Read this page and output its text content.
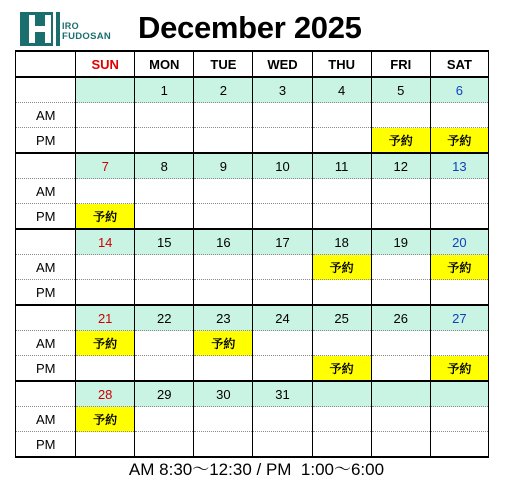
IRO
FUDOSAN December 2025
	SUN	MON	TUE	WED	THU	FRI	SAT
		1	2	3	4	5	6
AM							
PM						予約	予約
	7	8	9	10	11	12	13
AM							
PM	予約						
	14	15	16	17	18	19	20
AM					予約		予約
PM							
	21	22	23	24	25	26	27
AM	予約		予約				
PM					予約		予約
	28	29	30	31			
AM	予約						
PM							
AM 8:30～12:30 / PM  1:00～6:00
